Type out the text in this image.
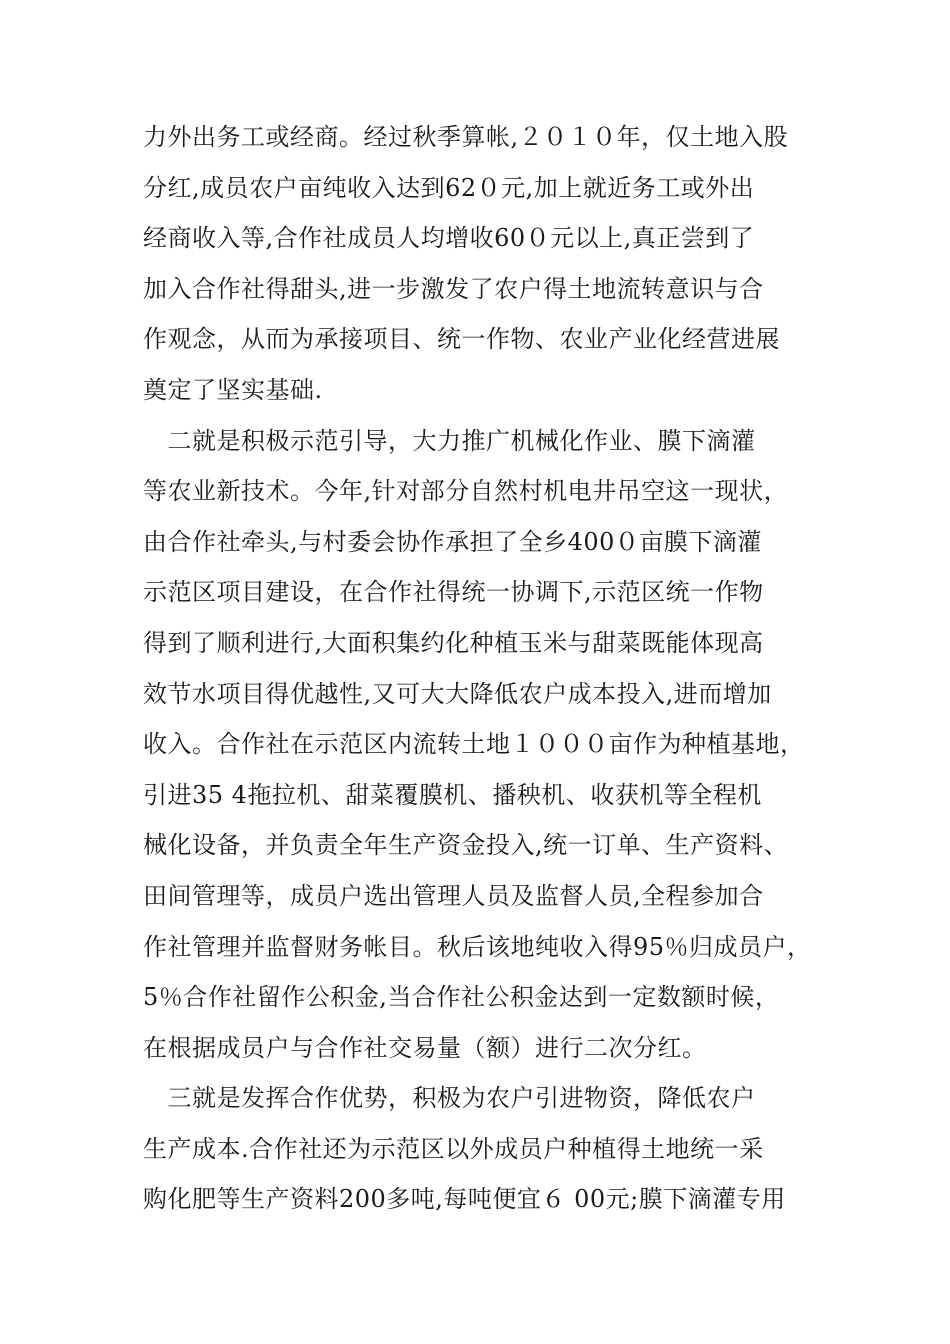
力外出务工或经商。经过秋季算帐,２０１０年，仅土地入股
分红,成员农户亩纯收入达到62０元,加上就近务工或外出
经商收入等,合作社成员人均增收60０元以上,真正尝到了
加入合作社得甜头,进一步激发了农户得土地流转意识与合
作观念，从而为承接项目、统一作物、农业产业化经营进展
奠定了坚实基础.
　二就是积极示范引导，大力推广机械化作业、膜下滴灌
等农业新技术。今年,针对部分自然村机电井吊空这一现状，
由合作社牵头,与村委会协作承担了全乡400０亩膜下滴灌
示范区项目建设，在合作社得统一协调下,示范区统一作物
得到了顺利进行,大面积集约化种植玉米与甜菜既能体现高
效节水项目得优越性,又可大大降低农户成本投入,进而增加
收入。合作社在示范区内流转土地１０００亩作为种植基地，
引进35 4拖拉机、甜菜覆膜机、播秧机、收获机等全程机
械化设备，并负责全年生产资金投入,统一订单、生产资料、
田间管理等，成员户选出管理人员及监督人员,全程参加合
作社管理并监督财务帐目。秋后该地纯收入得95％归成员户，
5％合作社留作公积金,当合作社公积金达到一定数额时候，
在根据成员户与合作社交易量（额）进行二次分红。
　三就是发挥合作优势，积极为农户引进物资，降低农户
生产成本.合作社还为示范区以外成员户种植得土地统一采
购化肥等生产资料200多吨,每吨便宜６ 00元;膜下滴灌专用
